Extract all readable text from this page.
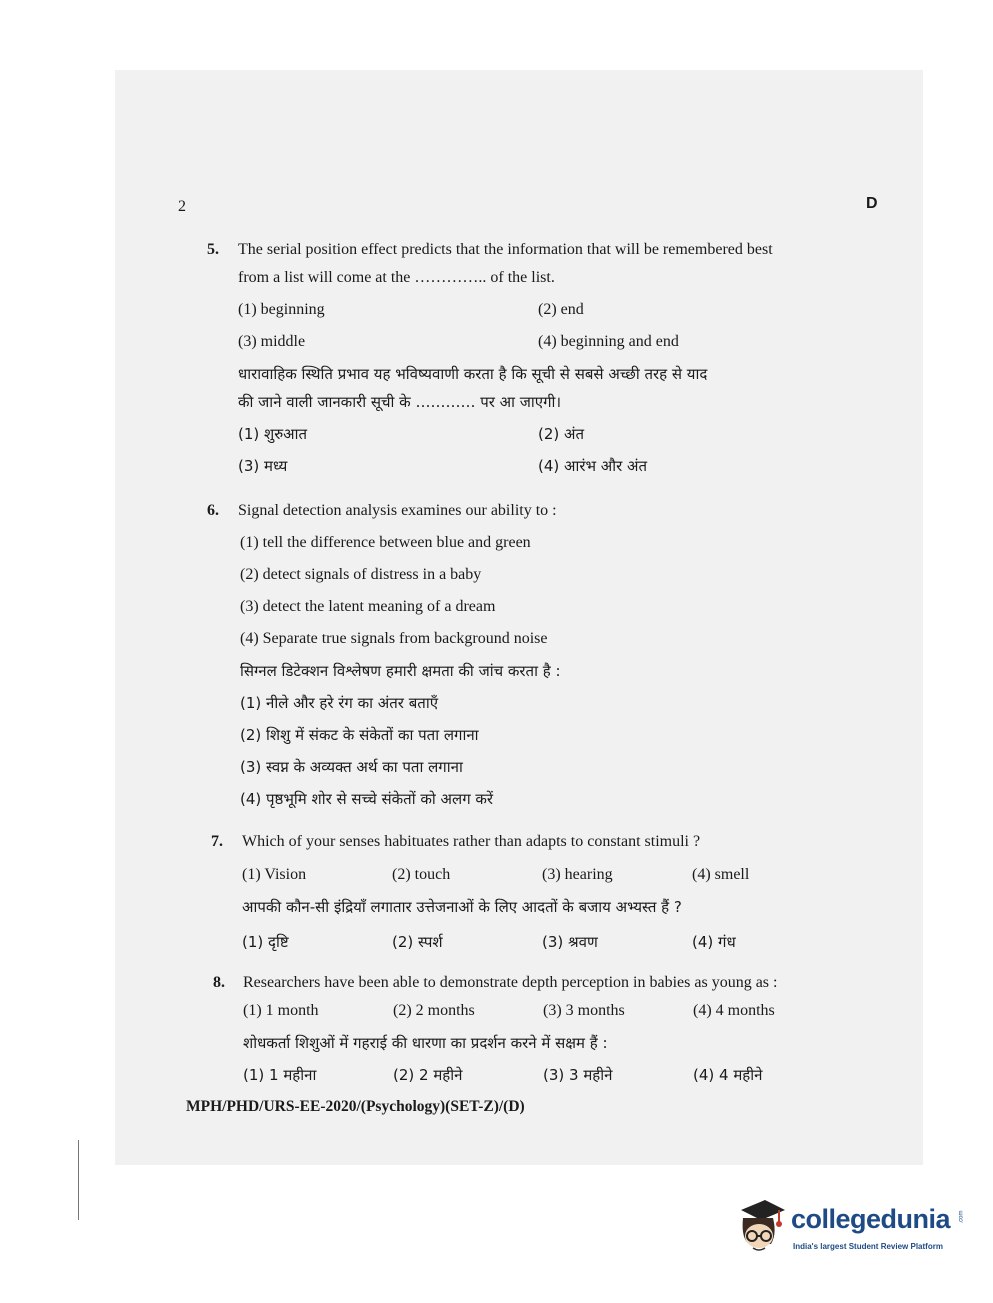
2	D
5. The serial position effect predicts that the information that will be remembered best
from a list will come at the ………….. of the list.
(1) beginning	(2) end
(3) middle	(4) beginning and end
धारावाहिक स्थिति प्रभाव यह भविष्यवाणी करता है कि सूची से सबसे अच्छी तरह से याद
की जाने वाली जानकारी सूची के ………… पर आ जाएगी।
(1) शुरुआत	(2) अंत
(3) मध्य	(4) आरंभ और अंत
6. Signal detection analysis examines our ability to :
(1) tell the difference between blue and green
(2) detect signals of distress in a baby
(3) detect the latent meaning of a dream
(4) Separate true signals from background noise
सिग्नल डिटेक्शन विश्लेषण हमारी क्षमता की जांच करता है :
(1) नीले और हरे रंग का अंतर बताएँ
(2) शिशु में संकट के संकेतों का पता लगाना
(3) स्वप्न के अव्यक्त अर्थ का पता लगाना
(4) पृष्ठभूमि शोर से सच्चे संकेतों को अलग करें
7. Which of your senses habituates rather than adapts to constant stimuli ?
(1) Vision	(2) touch	(3) hearing	(4) smell
आपकी कौन-सी इंद्रियाँ लगातार उत्तेजनाओं के लिए आदतों के बजाय अभ्यस्त हैं ?
(1) दृष्टि	(2) स्पर्श	(3) श्रवण	(4) गंध
8. Researchers have been able to demonstrate depth perception in babies as young as :
(1) 1 month	(2) 2 months	(3) 3 months	(4) 4 months
शोधकर्ता शिशुओं में गहराई की धारणा का प्रदर्शन करने में सक्षम हैं :
(1) 1 महीना	(2) 2 महीने	(3) 3 महीने	(4) 4 महीने
MPH/PHD/URS-EE-2020/(Psychology)(SET-Z)/(D)
collegedunia .com
India's largest Student Review Platform
